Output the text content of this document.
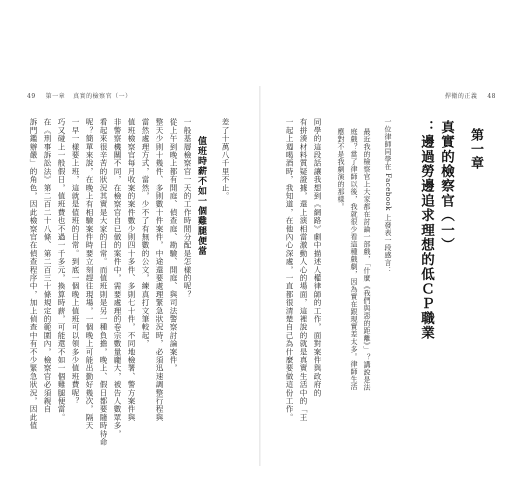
49 第一章 真實的檢察官（一）
訴門鑑辦嚴」的角色，因此檢察官在偵查程序中，加上偵查中有不少緊急狀況，因此值 在《刑事訴訟法》第二百二十八條、第二百三十條規定的範圍內，檢察官必須親自 巧又碰上一般假日，值班費也不過一千多元，換算時薪，可能還不如一個雞腿便當。 一早一樣要上班，這就是值班的日常。到底一個晚上值班可以領多少值班費呢？ 呢？簡單來說，在晚上有相驗案件時要立刻趕往現場，一個晚上可能出勤好幾次，隔天 看起來很辛苦的狀況其實是大家的日常。而值班則是另一種負擔，晚上、假日都要隨時待命 非警察機關不同，在檢察官自已做的案件中，需要處理的卷宗數量龐大，被告人數眾多， 值班檢察官每月收案的案件數少則四十多件、多則七十件，不同地檢署、警方案件與 當然處理方式，當然，少不了有無數的公文，練真打文筆較起， 整天少則十幾件、多則數十件案件，中途還要處理緊急狀況時，必須迅速調整行程與 從上午到晚上都有開庭、偵查庭、勘驗、開庭、與司法警察討論案件， 一般基層檢察官一天的工作時間分配是怎樣的呢？ 值班時薪不如一個雞腿便當 差了十萬八千里不止。
捍衛的正義 48
一起上週喝酒時，我知道，在他內心深處，一直都很清楚自己為什麼要做這份工作。 有拼湊材料質疑證據，還上演相當激動人心的場面，這裡說的就是真實生活中的「王 同學的這段話讓我想到《網路》劇中描述人權律師的工作，面對案件與政府的 應對不是我劇演的那樣。 庭戲？當了律師以後，我就很少看這種戲劇，因為實在跟現實差太多。律師生活 最近我的檢察官上大家都在討論一部戲，「什麼《我們與惡的距離》」？講說是法 一位律師同學在 Facebook 上發表一段感言： ：邊過勞邊追求理想的低ＣＰ職業 真實的檢察官（一） 第一章
